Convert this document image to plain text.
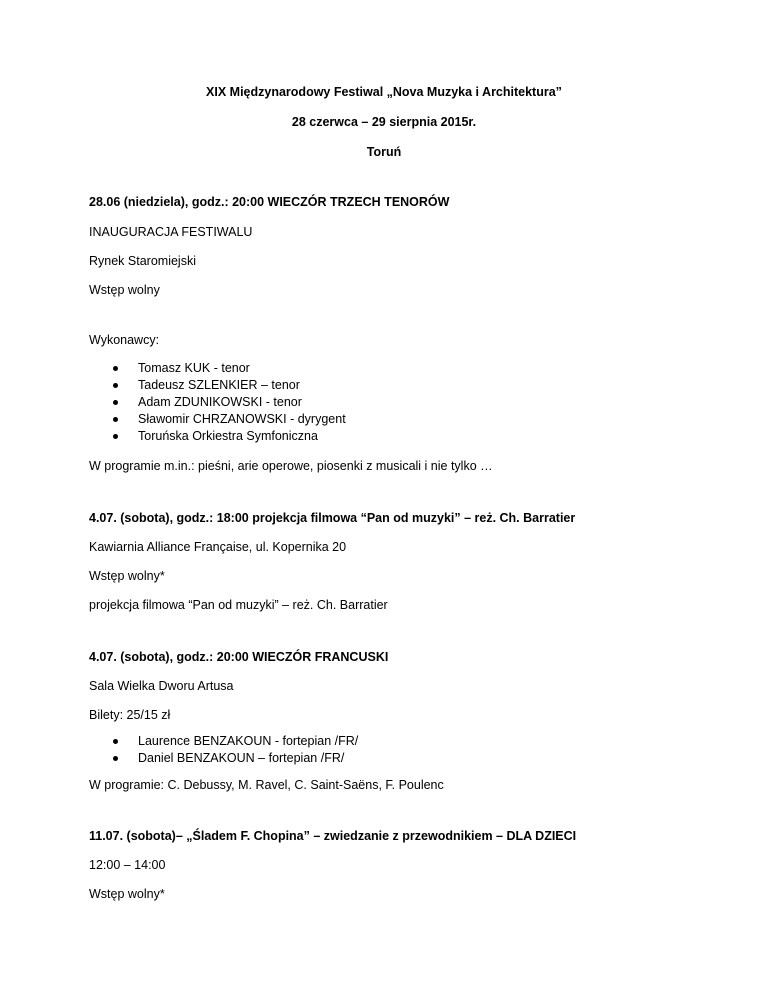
XIX Międzynarodowy Festiwal „Nova Muzyka i Architektura”
28 czerwca – 29 sierpnia 2015r.
Toruń
28.06 (niedziela), godz.: 20:00 WIECZÓR TRZECH TENORÓW
INAUGURACJA FESTIWALU
Rynek Staromiejski
Wstęp wolny
Wykonawcy:
Tomasz KUK - tenor
Tadeusz SZLENKIER – tenor
Adam ZDUNIKOWSKI - tenor
Sławomir CHRZANOWSKI - dyrygent
Toruńska Orkiestra Symfoniczna
W programie m.in.: pieśni, arie operowe, piosenki z musicali i nie tylko …
4.07. (sobota), godz.: 18:00 projekcja filmowa “Pan od muzyki” – reż. Ch. Barratier
Kawiarnia Alliance Française, ul. Kopernika 20
Wstęp wolny*
projekcja filmowa “Pan od muzyki” – reż. Ch. Barratier
4.07. (sobota), godz.: 20:00 WIECZÓR FRANCUSKI
Sala Wielka Dworu Artusa
Bilety: 25/15 zł
Laurence BENZAKOUN - fortepian /FR/
Daniel BENZAKOUN – fortepian /FR/
W programie: C. Debussy, M. Ravel, C. Saint-Saëns, F. Poulenc
11.07. (sobota)– „Śladem F. Chopina” – zwiedzanie z przewodnikiem – DLA DZIECI
12:00 – 14:00
Wstęp wolny*
